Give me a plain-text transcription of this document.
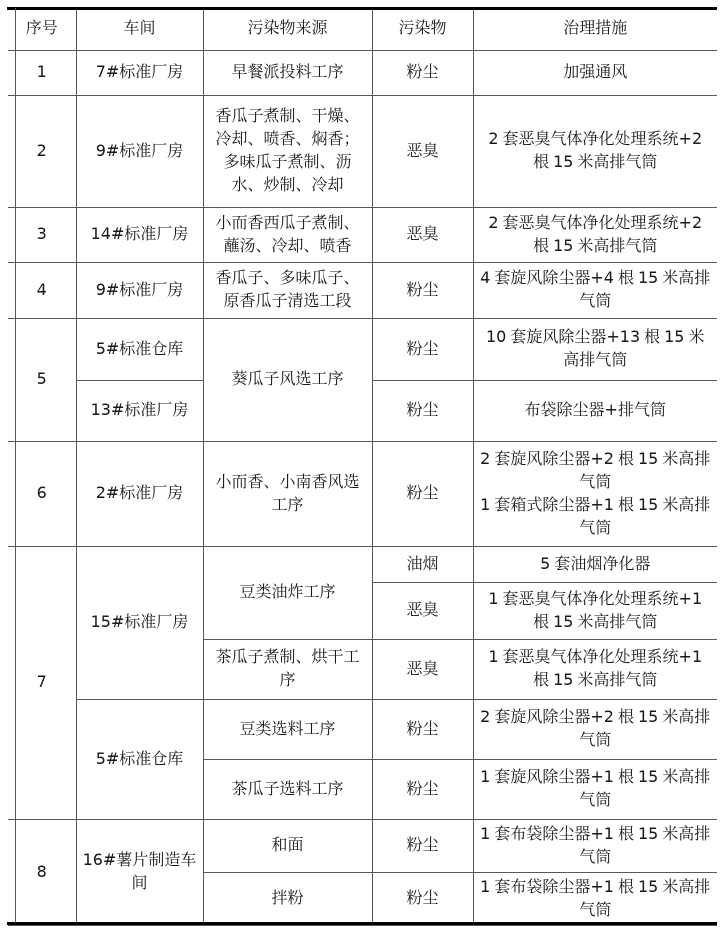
序号	车间	污染物来源	污染物	治理措施
1	7#标准厂房	早餐派投料工序	粉尘	加强通风
2	9#标准厂房	香瓜子煮制、干燥、冷却、喷香、焖香；多味瓜子煮制、沥水、炒制、冷却	恶臭	2 套恶臭气体净化处理系统+2 根 15 米高排气筒
3	14#标准厂房	小而香西瓜子煮制、蘸汤、冷却、喷香	恶臭	2 套恶臭气体净化处理系统+2 根 15 米高排气筒
4	9#标准厂房	香瓜子、多味瓜子、原香瓜子清选工段	粉尘	4 套旋风除尘器+4 根 15 米高排气筒
5	5#标准仓库	葵瓜子风选工序	粉尘	10 套旋风除尘器+13 根 15 米高排气筒
	13#标准厂房		粉尘	布袋除尘器+排气筒
6	2#标准厂房	小而香、小南香风选工序	粉尘	2 套旋风除尘器+2 根 15 米高排气筒
1 套箱式除尘器+1 根 15 米高排气筒

7	15#标准厂房	豆类油炸工序	油烟	5 套油烟净化器
			恶臭	1 套恶臭气体净化处理系统+1 根 15 米高排气筒
		茶瓜子煮制、烘干工序	恶臭	1 套恶臭气体净化处理系统+1 根 15 米高排气筒
	5#标准仓库	豆类选料工序	粉尘	2 套旋风除尘器+2 根 15 米高排气筒
		茶瓜子选料工序	粉尘	1 套旋风除尘器+1 根 15 米高排气筒
8	16#薯片制造车间	和面	粉尘	1 套布袋除尘器+1 根 15 米高排气筒
		拌粉	粉尘	1 套布袋除尘器+1 根 15 米高排气筒
